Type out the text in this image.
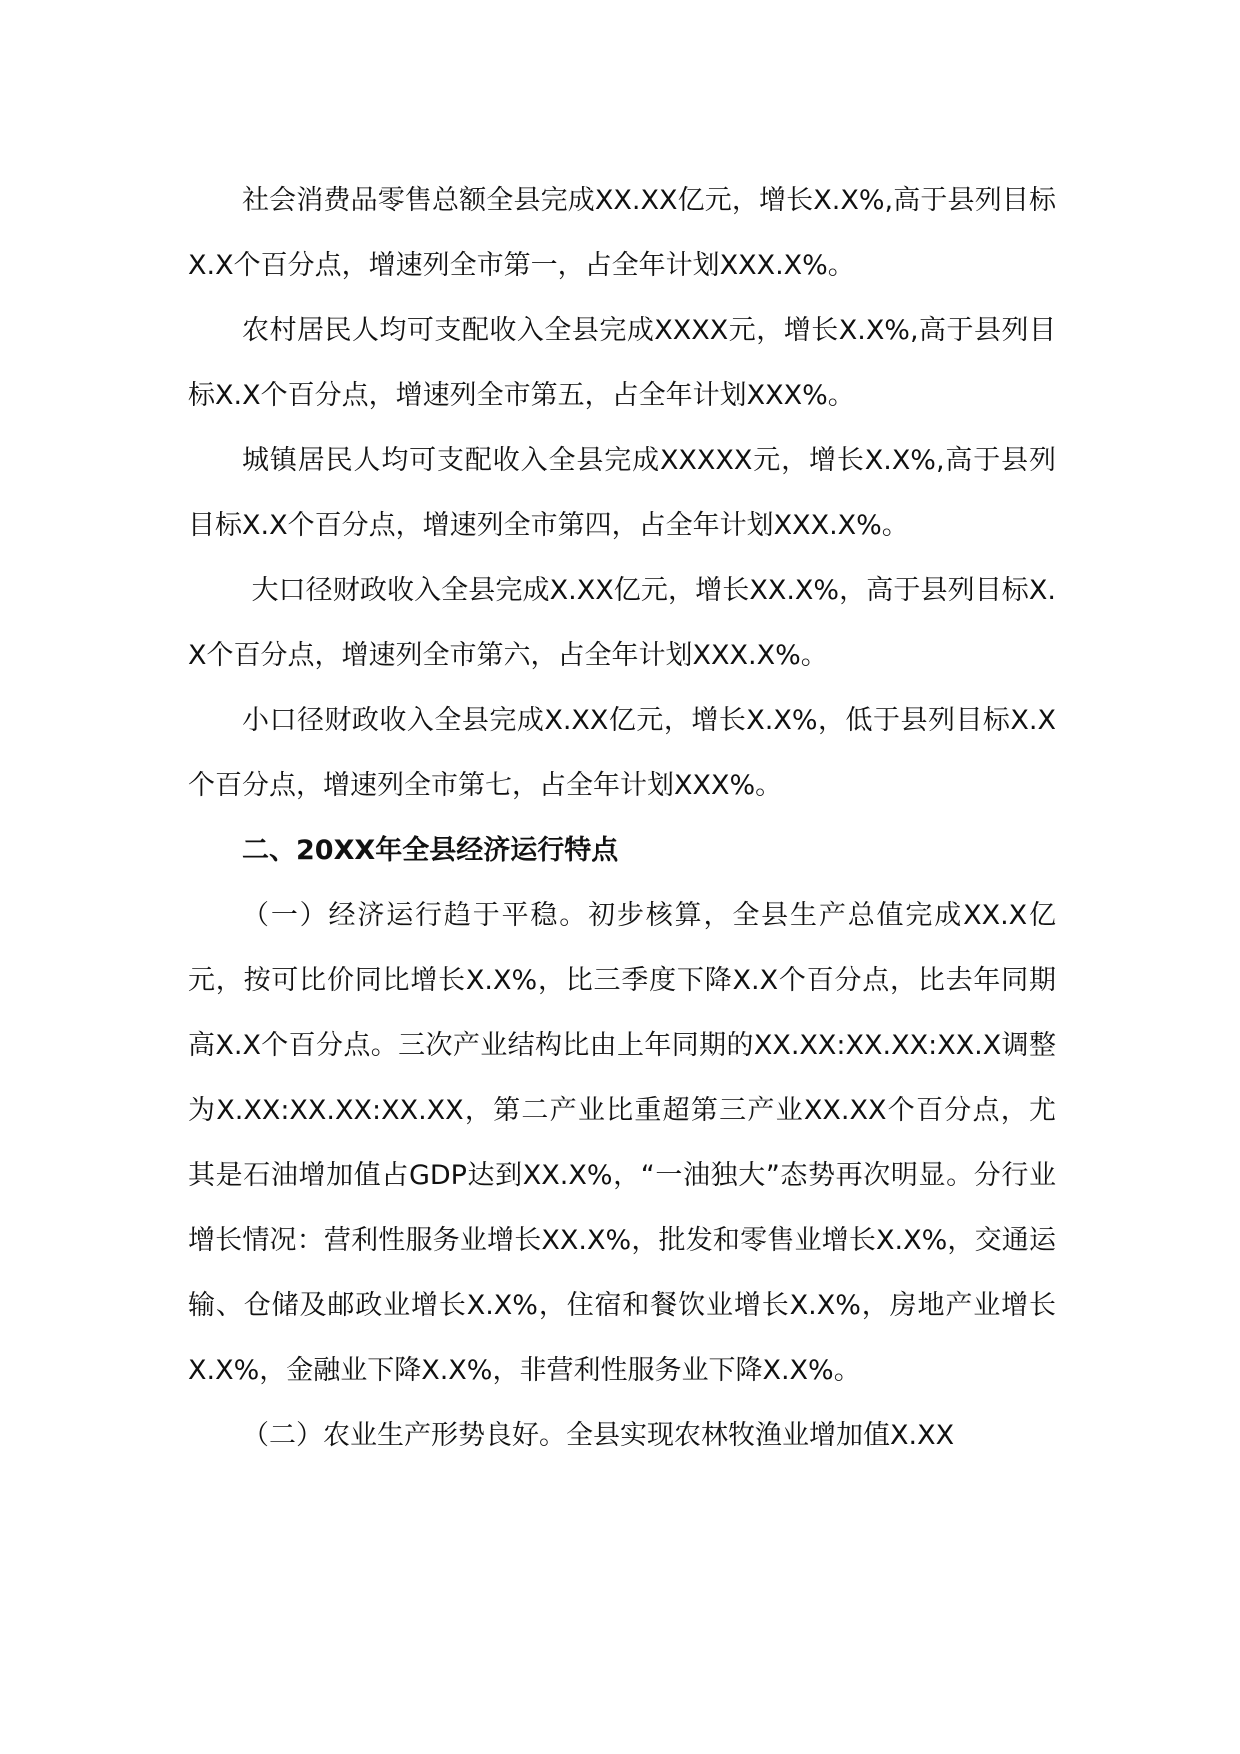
社会消费品零售总额全县完成XX.XX亿元，增长X.X%,高于县列目标X.X个百分点，增速列全市第一，占全年计划XXX.X%。

农村居民人均可支配收入全县完成XXXX元，增长X.X%,高于县列目标X.X个百分点，增速列全市第五，占全年计划XXX%。

城镇居民人均可支配收入全县完成XXXXX元，增长X.X%,高于县列目标X.X个百分点，增速列全市第四，占全年计划XXX.X%。

大口径财政收入全县完成X.XX亿元，增长XX.X%，高于县列目标X.X个百分点，增速列全市第六，占全年计划XXX.X%。

小口径财政收入全县完成X.XX亿元，增长X.X%，低于县列目标X.X个百分点，增速列全市第七，占全年计划XXX%。

二、20XX年全县经济运行特点

（一）经济运行趋于平稳。初步核算，全县生产总值完成XX.X亿元，按可比价同比增长X.X%，比三季度下降X.X个百分点，比去年同期高X.X个百分点。三次产业结构比由上年同期的XX.XX:XX.XX:XX.X调整为X.XX:XX.XX:XX.XX，第二产业比重超第三产业XX.XX个百分点，尤其是石油增加值占GDP达到XX.X%，“一油独大”态势再次明显。分行业增长情况：营利性服务业增长XX.X%，批发和零售业增长X.X%，交通运输、仓储及邮政业增长X.X%，住宿和餐饮业增长X.X%，房地产业增长X.X%，金融业下降X.X%，非营利性服务业下降X.X%。

（二）农业生产形势良好。全县实现农林牧渔业增加值X.XX
